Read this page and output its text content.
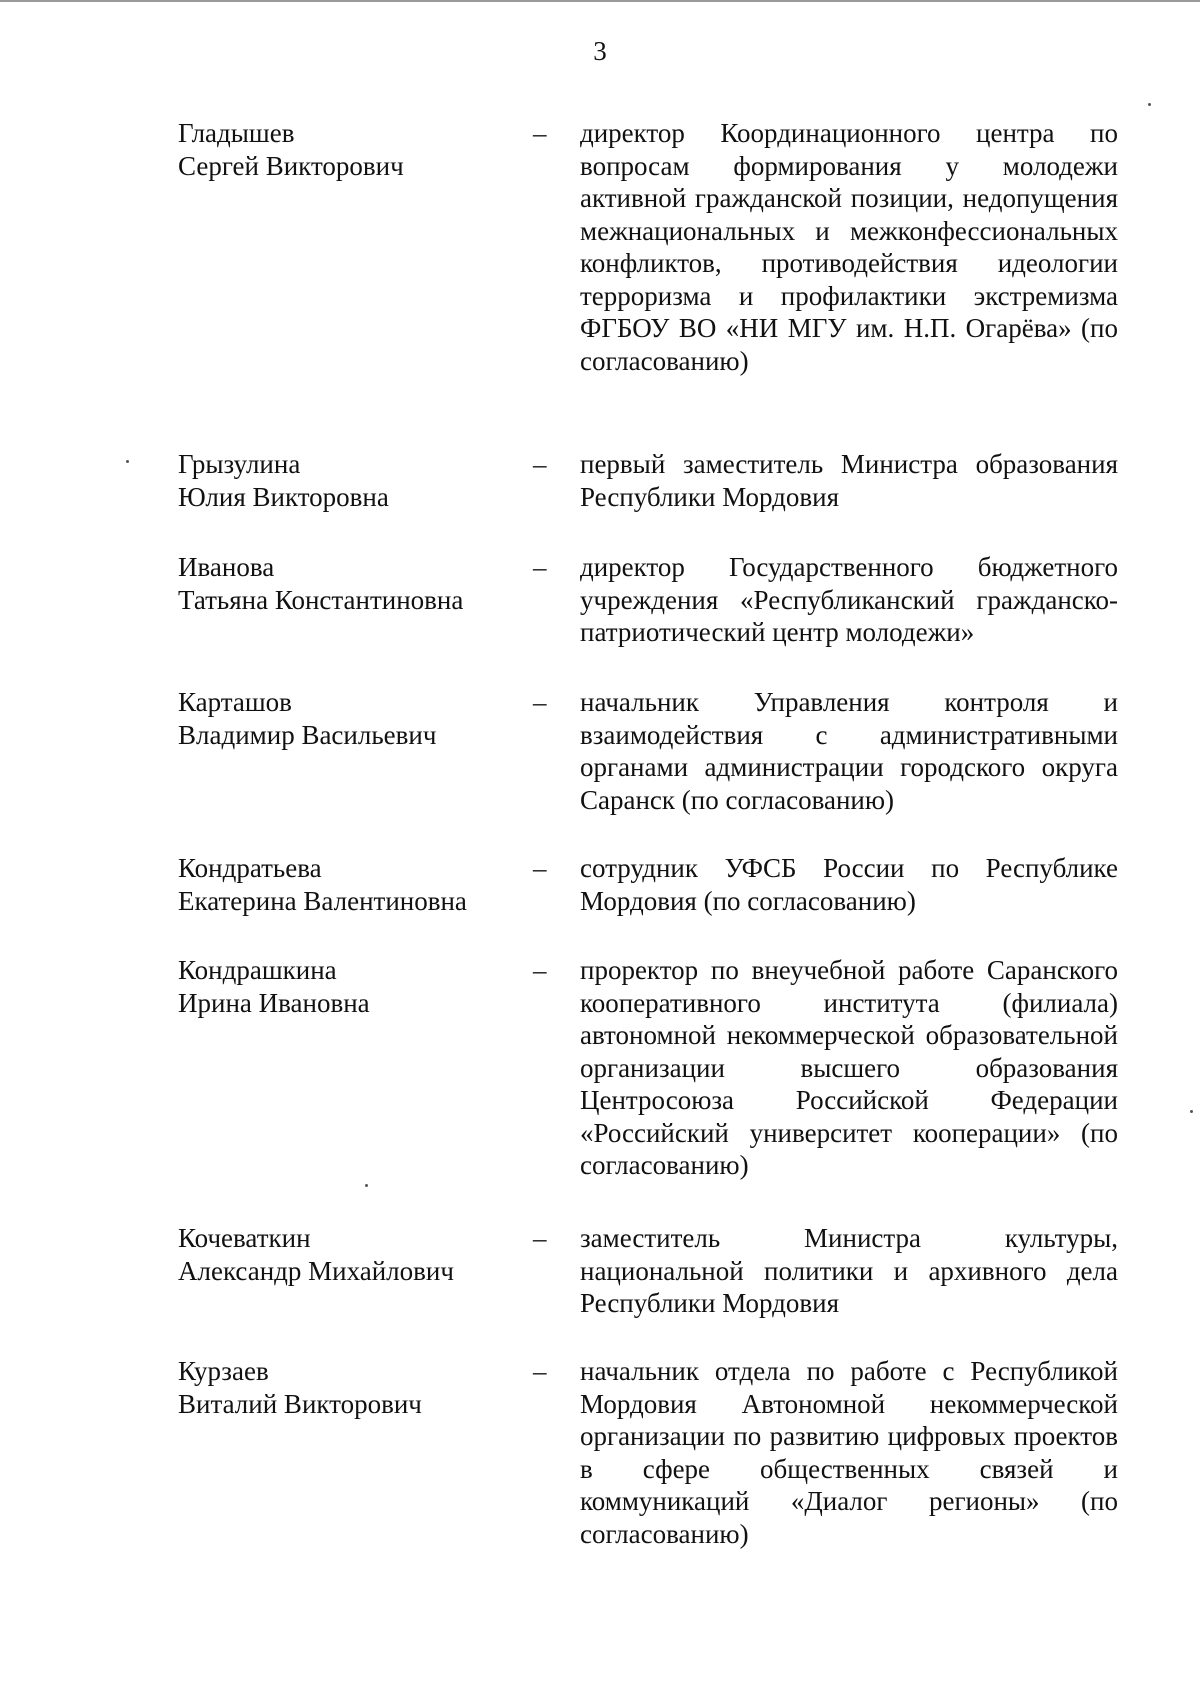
3
Гладышев
Сергей Викторович
– директор Координационного центра по вопросам формирования у молодежи активной гражданской позиции, недопущения межнациональных и межконфессиональных конфликтов, противодействия идеологии терроризма и профилактики экстремизма ФГБОУ ВО «НИ МГУ им. Н.П. Огарёва» (по согласованию)
Грызулина
Юлия Викторовна
– первый заместитель Министра образования Республики Мордовия
Иванова
Татьяна Константиновна
– директор Государственного бюджетного учреждения «Республиканский гражданско-патриотический центр молодежи»
Карташов
Владимир Васильевич
– начальник Управления контроля и взаимодействия с административными органами администрации городского округа Саранск (по согласованию)
Кондратьева
Екатерина Валентиновна
– сотрудник УФСБ России по Республике Мордовия (по согласованию)
Кондрашкина
Ирина Ивановна
– проректор по внеучебной работе Саранского кооперативного института (филиала) автономной некоммерческой образовательной организации высшего образования Центросоюза Российской Федерации «Российский университет кооперации» (по согласованию)
Кочеваткин
Александр Михайлович
– заместитель Министра культуры, национальной политики и архивного дела Республики Мордовия
Курзаев
Виталий Викторович
– начальник отдела по работе с Республикой Мордовия Автономной некоммерческой организации по развитию цифровых проектов в сфере общественных связей и коммуникаций «Диалог регионы» (по согласованию)
